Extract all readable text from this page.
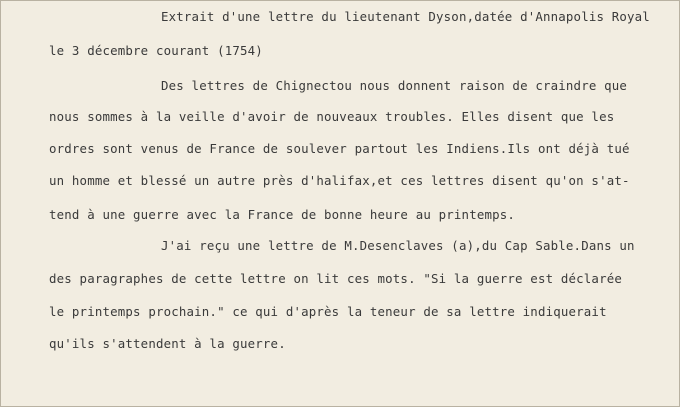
Extrait d'une lettre du lieutenant Dyson,datée d'Annapolis Royal
le 3 décembre courant (1754)
Des lettres de Chignectou nous donnent raison de craindre que
nous sommes à la veille d'avoir de nouveaux troubles. Elles disent que les
ordres sont venus de France de soulever partout les Indiens.Ils ont déjà tué
un homme et blessé un autre près d'halifax,et ces lettres disent qu'on s'at-
tend à une guerre avec la France de bonne heure au printemps.
J'ai reçu une lettre de M.Desenclaves (a),du Cap Sable.Dans un
des paragraphes de cette lettre on lit ces mots. "Si la guerre est déclarée
le printemps prochain." ce qui d'après la teneur de sa lettre indiquerait
qu'ils s'attendent à la guerre.
